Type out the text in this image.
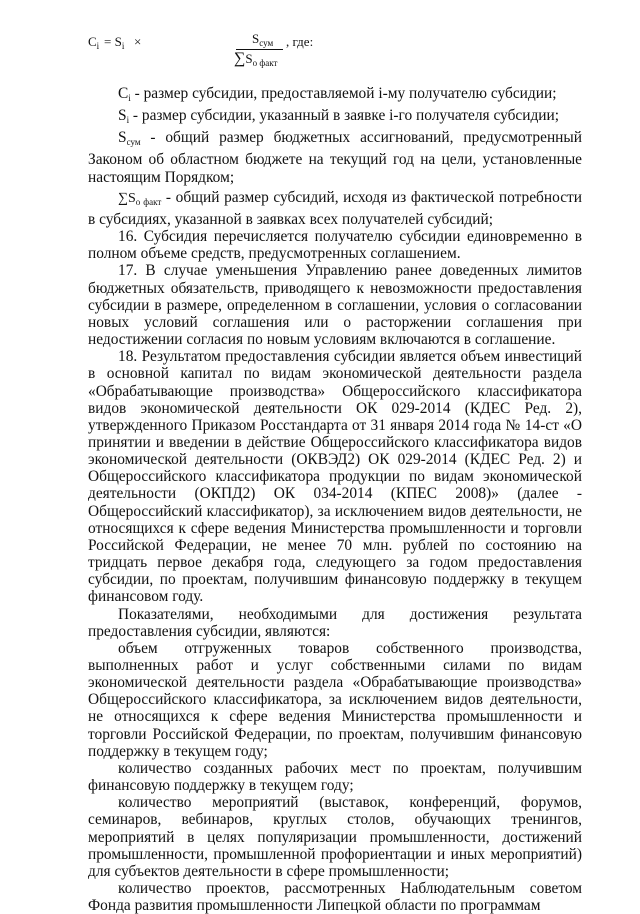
$C_i = S_i$ ×	$S_{сум}$
$\sum S_{о факт}$
, где:

$C_i$ - размер субсидии, предоставляемой i-му получателю субсидии;

$S_i$ - размер субсидии, указанный в заявке i-го получателя субсидии;

$S_{сум}$ - общий размер бюджетных ассигнований, предусмотренный Законом об областном бюджете на текущий год на цели, установленные настоящим Порядком;

$\sum S_{о факт}$ - общий размер субсидий, исходя из фактической потребности в субсидиях, указанной в заявках всех получателей субсидий;

16. Субсидия перечисляется получателю субсидии единовременно в полном объеме средств, предусмотренных соглашением.

17. В случае уменьшения Управлению ранее доведенных лимитов бюджетных обязательств, приводящего к невозможности предоставления субсидии в размере, определенном в соглашении, условия о согласовании новых условий соглашения или о расторжении соглашения при недостижении согласия по новым условиям включаются в соглашение.

18. Результатом предоставления субсидии является объем инвестиций в основной капитал по видам экономической деятельности раздела «Обрабатывающие производства» Общероссийского классификатора видов экономической деятельности ОК 029-2014 (КДЕС Ред. 2), утвержденного Приказом Росстандарта от 31 января 2014 года № 14-ст «О принятии и введении в действие Общероссийского классификатора видов экономической деятельности (ОКВЭД2) ОК 029-2014 (КДЕС Ред. 2) и Общероссийского классификатора продукции по видам экономической деятельности (ОКПД2) ОК 034-2014 (КПЕС 2008)» (далее - Общероссийский классификатор), за исключением видов деятельности, не относящихся к сфере ведения Министерства промышленности и торговли Российской Федерации, не менее 70 млн. рублей по состоянию на тридцать первое декабря года, следующего за годом предоставления субсидии, по проектам, получившим финансовую поддержку в текущем финансовом году.

Показателями, необходимыми для достижения результата предоставления субсидии, являются:

объем отгруженных товаров собственного производства, выполненных работ и услуг собственными силами по видам экономической деятельности раздела «Обрабатывающие производства» Общероссийского классификатора, за исключением видов деятельности, не относящихся к сфере ведения Министерства промышленности и торговли Российской Федерации, по проектам, получившим финансовую поддержку в текущем году;

количество созданных рабочих мест по проектам, получившим финансовую поддержку в текущем году;

количество мероприятий (выставок, конференций, форумов, семинаров, вебинаров, круглых столов, обучающих тренингов, мероприятий в целях популяризации промышленности, достижений промышленности, промышленной профориентации и иных мероприятий) для субъектов деятельности в сфере промышленности;

количество проектов, рассмотренных Наблюдательным советом Фонда развития промышленности Липецкой области по программам
